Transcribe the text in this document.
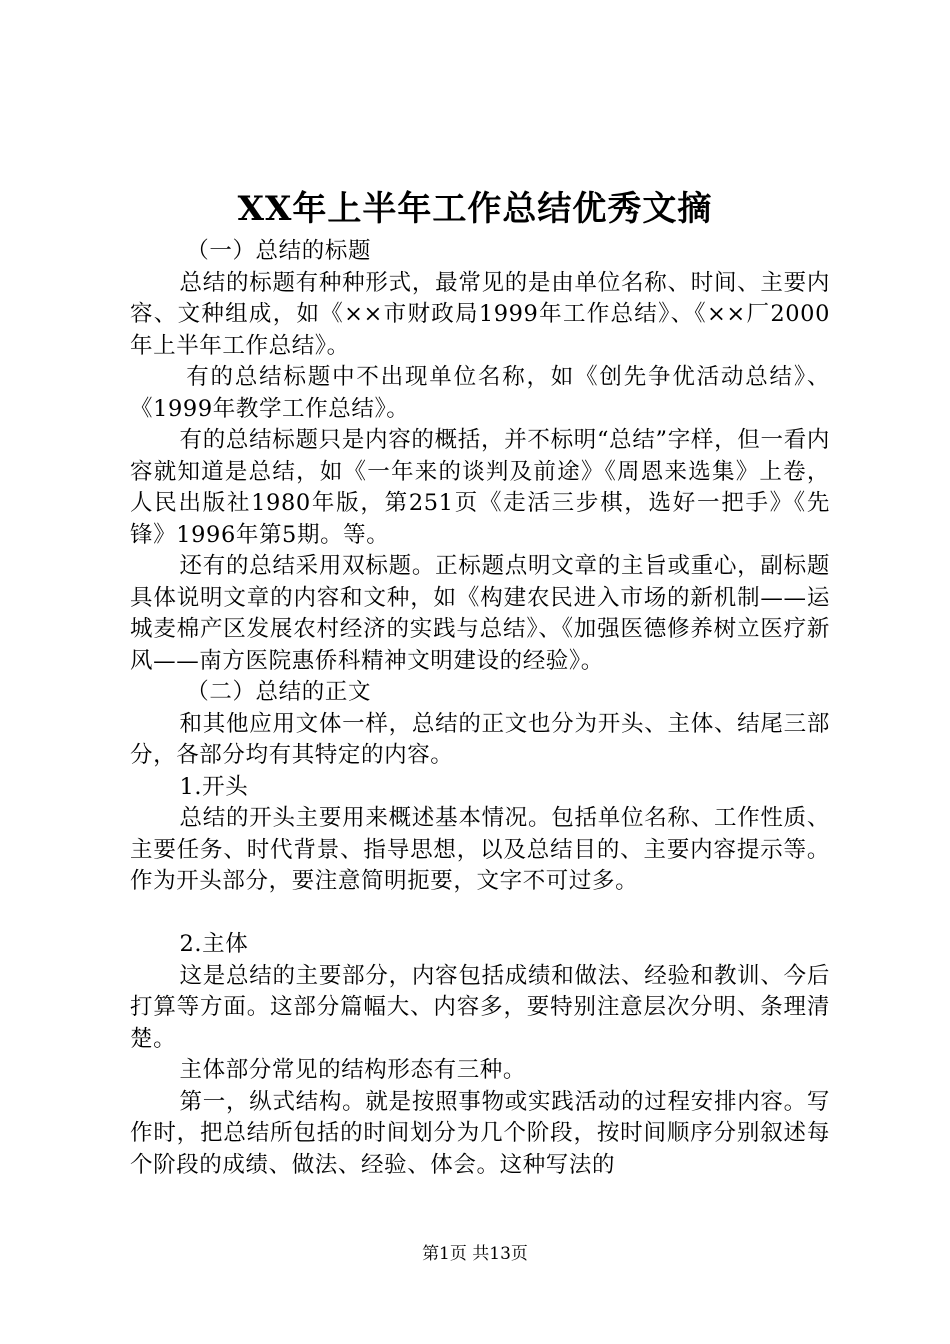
XX年上半年工作总结优秀文摘

（一）总结的标题

总结的标题有种种形式，最常见的是由单位名称、时间、主要内容、文种组成，如《××市财政局1999年工作总结》、《××厂2000年上半年工作总结》。

有的总结标题中不出现单位名称，如《创先争优活动总结》、《1999年教学工作总结》。

有的总结标题只是内容的概括，并不标明“总结”字样，但一看内容就知道是总结，如《一年来的谈判及前途》《周恩来选集》上卷，人民出版社1980年版，第251页《走活三步棋，选好一把手》《先锋》1996年第5期。等。

还有的总结采用双标题。正标题点明文章的主旨或重心，副标题具体说明文章的内容和文种，如《构建农民进入市场的新机制——运城麦棉产区发展农村经济的实践与总结》、《加强医德修养树立医疗新风——南方医院惠侨科精神文明建设的经验》。

（二）总结的正文

和其他应用文体一样，总结的正文也分为开头、主体、结尾三部分，各部分均有其特定的内容。

1.开头

总结的开头主要用来概述基本情况。包括单位名称、工作性质、主要任务、时代背景、指导思想，以及总结目的、主要内容提示等。作为开头部分，要注意简明扼要，文字不可过多。

2.主体

这是总结的主要部分，内容包括成绩和做法、经验和教训、今后打算等方面。这部分篇幅大、内容多，要特别注意层次分明、条理清楚。

主体部分常见的结构形态有三种。

第一，纵式结构。就是按照事物或实践活动的过程安排内容。写作时，把总结所包括的时间划分为几个阶段，按时间顺序分别叙述每个阶段的成绩、做法、经验、体会。这种写法的

第1页 共13页
